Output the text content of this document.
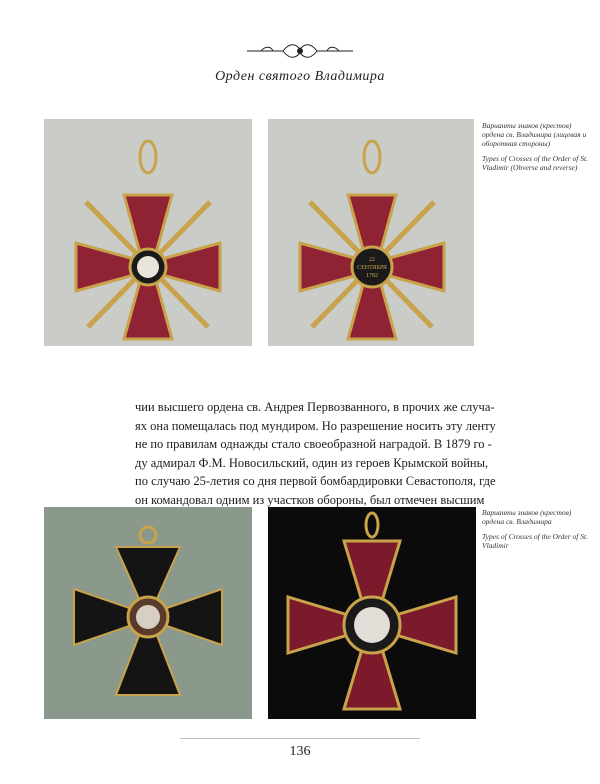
Орден святого Владимира
22
СЕНТЯБРЯ
1782

Варианты знаков (крестов) ордена св. Владимира (лицевая и оборотная стороны)

Types of Crosses of the Order of St. Vladimir (Obverse and reverse)

Варианты знаков (крестов) ордена св. Владимира

Types of Crosses of the Order of St. Vladimir

чии высшего ордена св. Андрея Первозванного, в прочих же случа-
ях она помещалась под мундиром. Но разрешение носить эту ленту
не по правилам однажды стало своеобразной наградой. В 1879 го -
ду адмирал Ф.М. Новосильский, один из героев Крымской войны,
по случаю 25-летия со дня первой бомбардировки Севастополя, где
он командовал одним из участков обороны, был отмечен высшим
136
